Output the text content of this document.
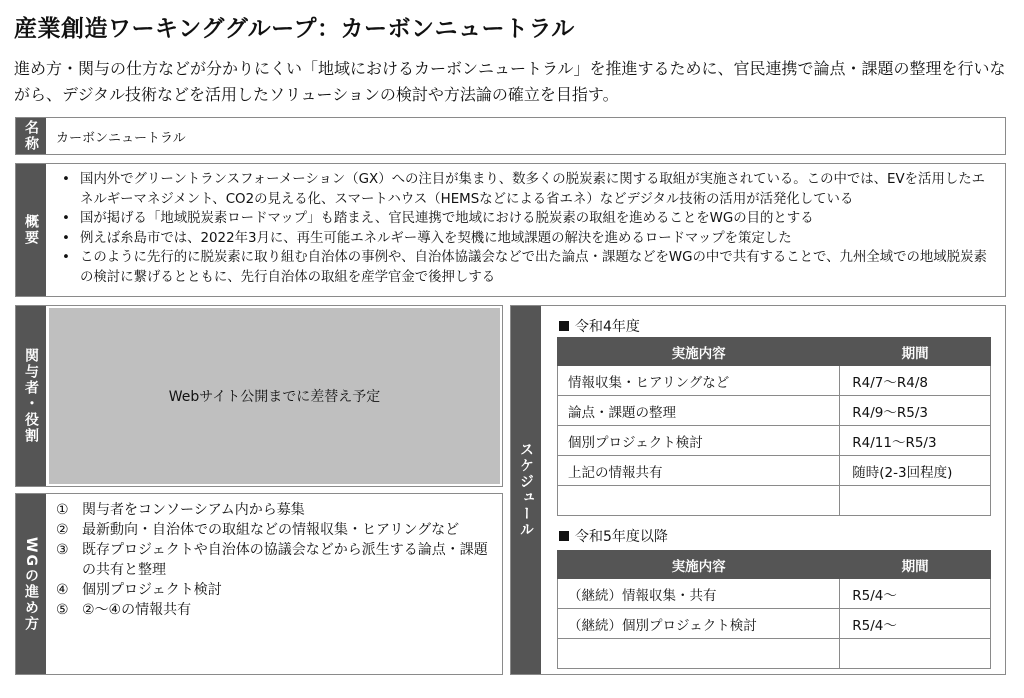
産業創造ワーキンググループ：カーボンニュートラル
進め方・関与の仕方などが分かりにくい「地域におけるカーボンニュートラル」を推進するために、官民連携で論点・課題の整理を行いながら、デジタル技術などを活用したソリューションの検討や方法論の確立を目指す。
名称 カーボンニュートラル
概要
• 国内外でグリーントランスフォーメーション（GX）への注目が集まり、数多くの脱炭素に関する取組が実施されている。この中では、EVを活用したエネルギーマネジメント、CO2の見える化、スマートハウス（HEMSなどによる省エネ）などデジタル技術の活用が活発化している
• 国が掲げる「地域脱炭素ロードマップ」も踏まえ、官民連携で地域における脱炭素の取組を進めることをWGの目的とする
• 例えば糸島市では、2022年3月に、再生可能エネルギー導入を契機に地域課題の解決を進めるロードマップを策定した
• このように先行的に脱炭素に取り組む自治体の事例や、自治体協議会などで出た論点・課題などをWGの中で共有することで、九州全域での地域脱炭素の検討に繋げるとともに、先行自治体の取組を産学官金で後押しする
関与者・役割	Webサイト公開までに差替え予定
WGの進め方
① 関与者をコンソーシアム内から募集
② 最新動向・自治体での取組などの情報収集・ヒアリングなど
③ 既存プロジェクトや自治体の協議会などから派生する論点・課題の共有と整理
④ 個別プロジェクト検討
⑤ ②～④の情報共有
スケジュール
令和4年度
実施内容	期間
情報収集・ヒアリングなど	R4/7～R4/8
論点・課題の整理	R4/9～R5/3
個別プロジェクト検討	R4/11～R5/3
上記の情報共有	随時(2-3回程度)

令和5年度以降
実施内容	期間
（継続）情報収集・共有	R5/4～
（継続）個別プロジェクト検討	R5/4～
